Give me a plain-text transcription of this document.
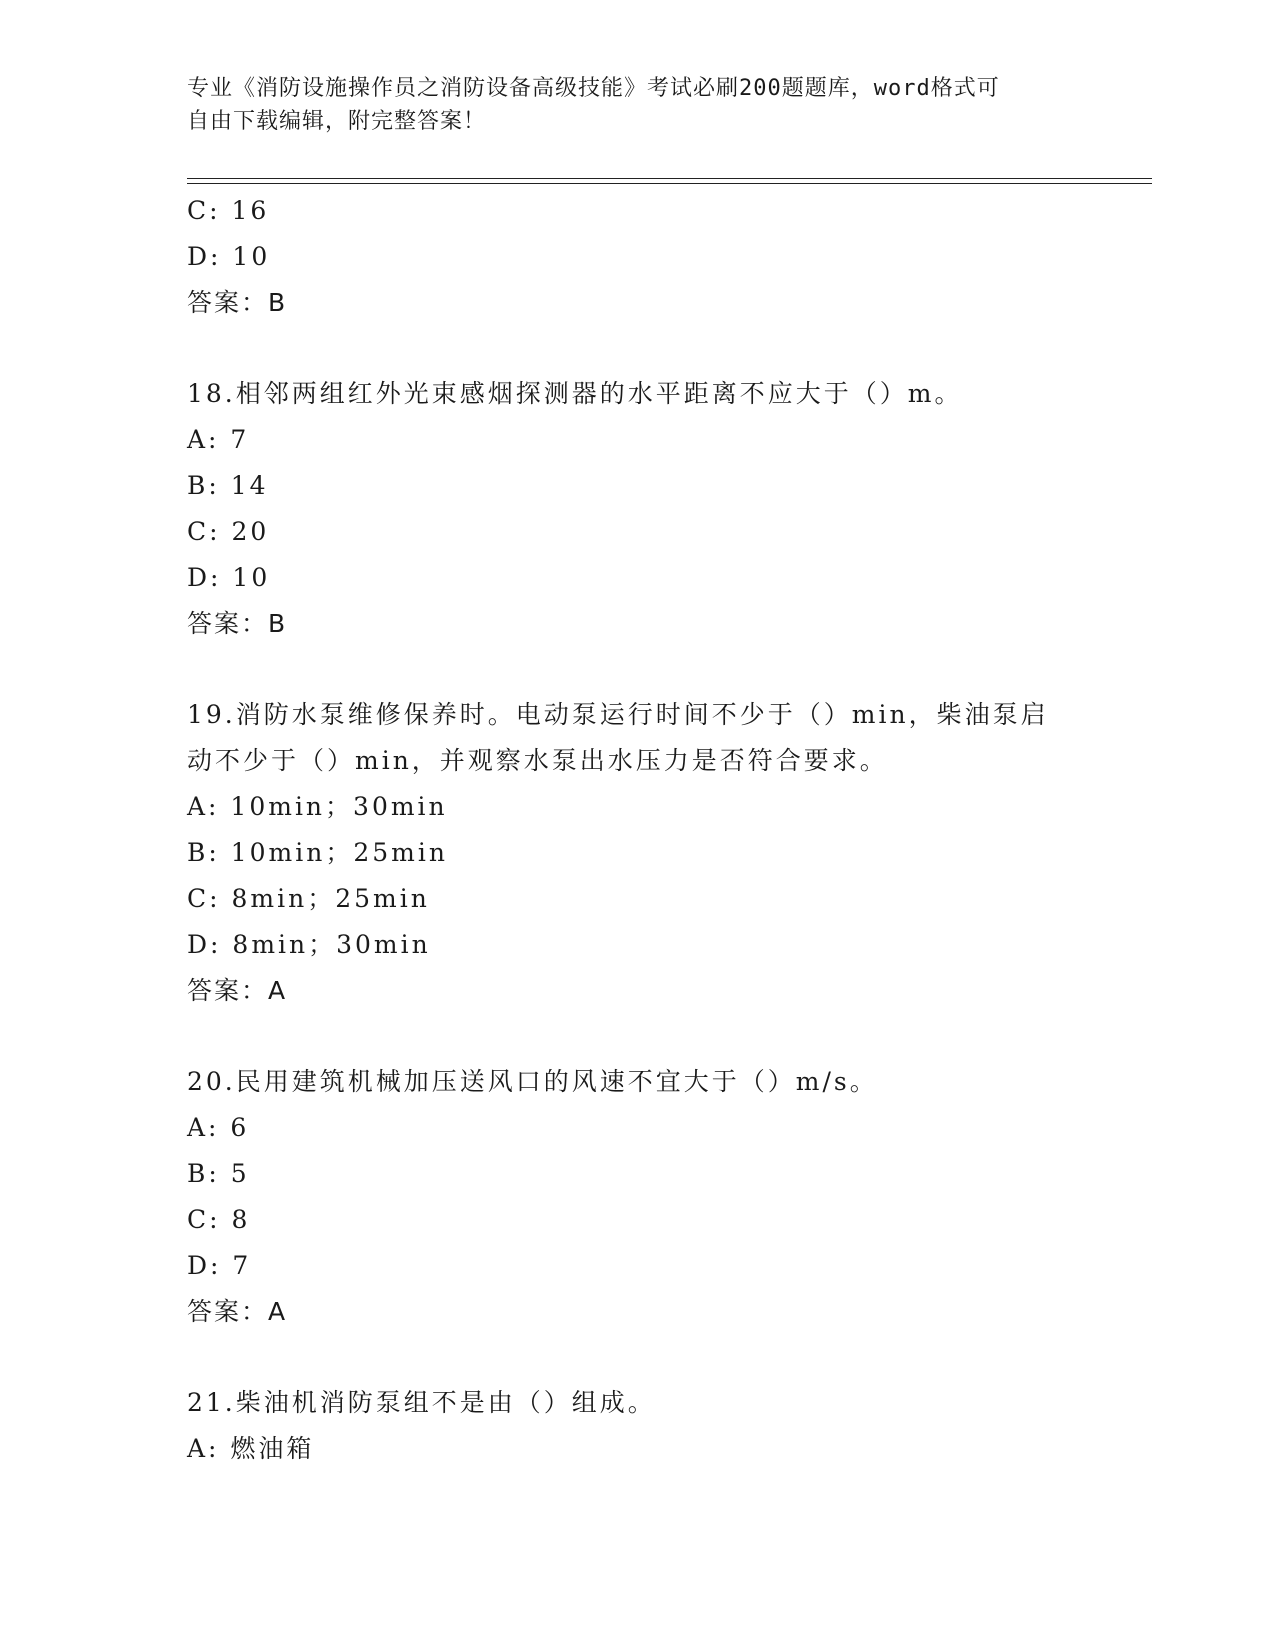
专业《消防设施操作员之消防设备高级技能》考试必刷200题题库，word格式可
自由下载编辑，附完整答案！
C: 16
D: 10
答案：B
18.相邻两组红外光束感烟探测器的水平距离不应大于（）m。
A: 7
B: 14
C: 20
D: 10
答案：B
19.消防水泵维修保养时。电动泵运行时间不少于（）min，柴油泵启
动不少于（）min，并观察水泵出水压力是否符合要求。
A: 10min；30min
B: 10min；25min
C: 8min；25min
D: 8min；30min
答案：A
20.民用建筑机械加压送风口的风速不宜大于（）m/s。
A: 6
B: 5
C: 8
D: 7
答案：A
21.柴油机消防泵组不是由（）组成。
A: 燃油箱
